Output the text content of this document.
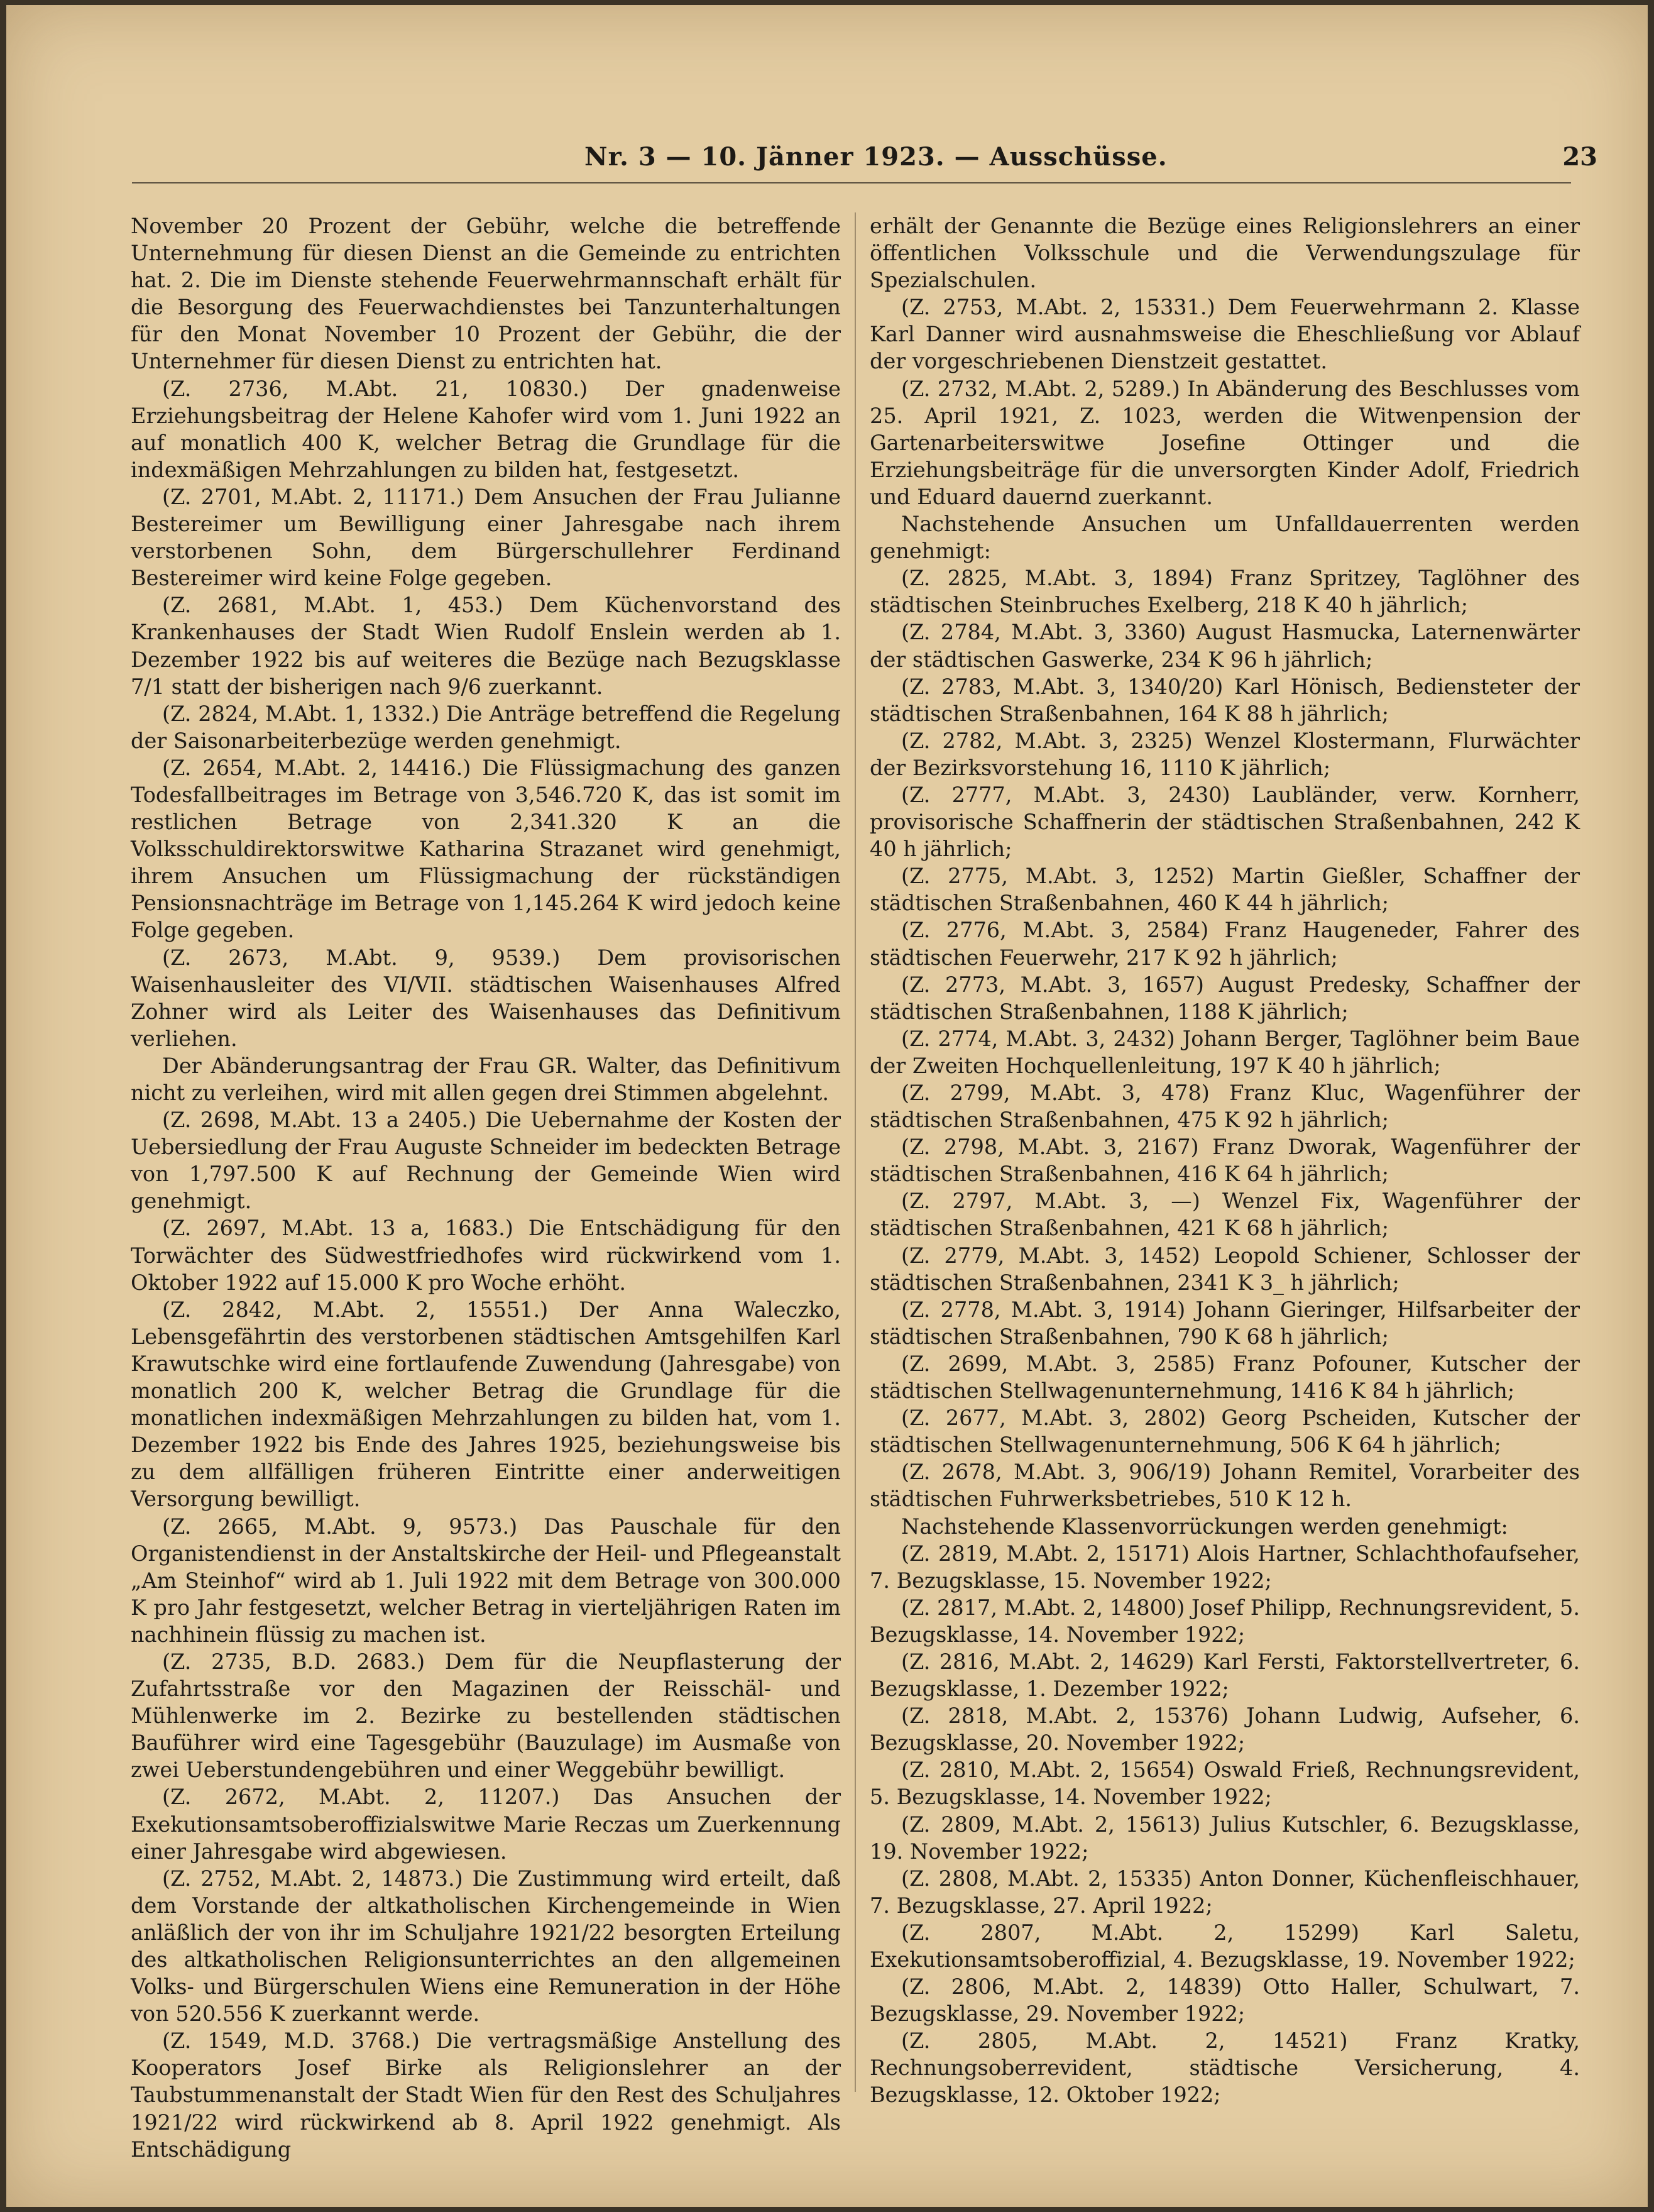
Nr. 3 — 10. Jänner 1923. — Ausschüsse.	23

November 20 Prozent der Gebühr, welche die betreffende Unternehmung für diesen Dienst an die Gemeinde zu entrichten hat. 2. Die im Dienste stehende Feuerwehrmannschaft erhält für die Besorgung des Feuerwachdienstes bei Tanzunterhaltungen für den Monat November 10 Prozent der Gebühr, die der Unternehmer für diesen Dienst zu entrichten hat.

(Z. 2736, M.Abt. 21, 10830.) Der gnadenweise Erziehungsbeitrag der Helene Kahofer wird vom 1. Juni 1922 an auf monatlich 400 K, welcher Betrag die Grundlage für die indexmäßigen Mehrzahlungen zu bilden hat, festgesetzt.

(Z. 2701, M.Abt. 2, 11171.) Dem Ansuchen der Frau Julianne Bestereimer um Bewilligung einer Jahresgabe nach ihrem verstorbenen Sohn, dem Bürgerschullehrer Ferdinand Bestereimer wird keine Folge gegeben.

(Z. 2681, M.Abt. 1, 453.) Dem Küchenvorstand des Krankenhauses der Stadt Wien Rudolf Enslein werden ab 1. Dezember 1922 bis auf weiteres die Bezüge nach Bezugsklasse 7/1 statt der bisherigen nach 9/6 zuerkannt.

(Z. 2824, M.Abt. 1, 1332.) Die Anträge betreffend die Regelung der Saisonarbeiterbezüge werden genehmigt.

(Z. 2654, M.Abt. 2, 14416.) Die Flüssigmachung des ganzen Todesfallbeitrages im Betrage von 3,546.720 K, das ist somit im restlichen Betrage von 2,341.320 K an die Volksschuldirektorswitwe Katharina Strazanet wird genehmigt, ihrem Ansuchen um Flüssigmachung der rückständigen Pensionsnachträge im Betrage von 1,145.264 K wird jedoch keine Folge gegeben.

(Z. 2673, M.Abt. 9, 9539.) Dem provisorischen Waisenhausleiter des VI/VII. städtischen Waisenhauses Alfred Zohner wird als Leiter des Waisenhauses das Definitivum verliehen.

Der Abänderungsantrag der Frau GR. Walter, das Definitivum nicht zu verleihen, wird mit allen gegen drei Stimmen abgelehnt.

(Z. 2698, M.Abt. 13 a 2405.) Die Uebernahme der Kosten der Uebersiedlung der Frau Auguste Schneider im bedeckten Betrage von 1,797.500 K auf Rechnung der Gemeinde Wien wird genehmigt.

(Z. 2697, M.Abt. 13 a, 1683.) Die Entschädigung für den Torwächter des Südwestfriedhofes wird rückwirkend vom 1. Oktober 1922 auf 15.000 K pro Woche erhöht.

(Z. 2842, M.Abt. 2, 15551.) Der Anna Waleczko, Lebensgefährtin des verstorbenen städtischen Amtsgehilfen Karl Krawutschke wird eine fortlaufende Zuwendung (Jahresgabe) von monatlich 200 K, welcher Betrag die Grundlage für die monatlichen indexmäßigen Mehrzahlungen zu bilden hat, vom 1. Dezember 1922 bis Ende des Jahres 1925, beziehungsweise bis zu dem allfälligen früheren Eintritte einer anderweitigen Versorgung bewilligt.

(Z. 2665, M.Abt. 9, 9573.) Das Pauschale für den Organistendienst in der Anstaltskirche der Heil- und Pflegeanstalt „Am Steinhof“ wird ab 1. Juli 1922 mit dem Betrage von 300.000 K pro Jahr festgesetzt, welcher Betrag in vierteljährigen Raten im nachhinein flüssig zu machen ist.

(Z. 2735, B.D. 2683.) Dem für die Neupflasterung der Zufahrtsstraße vor den Magazinen der Reisschäl- und Mühlenwerke im 2. Bezirke zu bestellenden städtischen Bauführer wird eine Tagesgebühr (Bauzulage) im Ausmaße von zwei Ueberstundengebühren und einer Weggebühr bewilligt.

(Z. 2672, M.Abt. 2, 11207.) Das Ansuchen der Exekutionsamtsoberoffizialswitwe Marie Reczas um Zuerkennung einer Jahresgabe wird abgewiesen.

(Z. 2752, M.Abt. 2, 14873.) Die Zustimmung wird erteilt, daß dem Vorstande der altkatholischen Kirchengemeinde in Wien anläßlich der von ihr im Schuljahre 1921/22 besorgten Erteilung des altkatholischen Religionsunterrichtes an den allgemeinen Volks- und Bürgerschulen Wiens eine Remuneration in der Höhe von 520.556 K zuerkannt werde.

(Z. 1549, M.D. 3768.) Die vertragsmäßige Anstellung des Kooperators Josef Birke als Religionslehrer an der Taubstummenanstalt der Stadt Wien für den Rest des Schuljahres 1921/22 wird rückwirkend ab 8. April 1922 genehmigt. Als Entschädigung

erhält der Genannte die Bezüge eines Religionslehrers an einer öffentlichen Volksschule und die Verwendungszulage für Spezialschulen.

(Z. 2753, M.Abt. 2, 15331.) Dem Feuerwehrmann 2. Klasse Karl Danner wird ausnahmsweise die Eheschließung vor Ablauf der vorgeschriebenen Dienstzeit gestattet.

(Z. 2732, M.Abt. 2, 5289.) In Abänderung des Beschlusses vom 25. April 1921, Z. 1023, werden die Witwenpension der Gartenarbeiterswitwe Josefine Ottinger und die Erziehungsbeiträge für die unversorgten Kinder Adolf, Friedrich und Eduard dauernd zuerkannt.

Nachstehende Ansuchen um Unfalldauerrenten werden genehmigt:

(Z. 2825, M.Abt. 3, 1894) Franz Spritzey, Taglöhner des städtischen Steinbruches Exelberg, 218 K 40 h jährlich;

(Z. 2784, M.Abt. 3, 3360) August Hasmucka, Laternenwärter der städtischen Gaswerke, 234 K 96 h jährlich;

(Z. 2783, M.Abt. 3, 1340/20) Karl Hönisch, Bediensteter der städtischen Straßenbahnen, 164 K 88 h jährlich;

(Z. 2782, M.Abt. 3, 2325) Wenzel Klostermann, Flurwächter der Bezirksvorstehung 16, 1110 K jährlich;

(Z. 2777, M.Abt. 3, 2430) Laubländer, verw. Kornherr, provisorische Schaffnerin der städtischen Straßenbahnen, 242 K 40 h jährlich;

(Z. 2775, M.Abt. 3, 1252) Martin Gießler, Schaffner der städtischen Straßenbahnen, 460 K 44 h jährlich;

(Z. 2776, M.Abt. 3, 2584) Franz Haugeneder, Fahrer des städtischen Feuerwehr, 217 K 92 h jährlich;

(Z. 2773, M.Abt. 3, 1657) August Predesky, Schaffner der städtischen Straßenbahnen, 1188 K jährlich;

(Z. 2774, M.Abt. 3, 2432) Johann Berger, Taglöhner beim Baue der Zweiten Hochquellenleitung, 197 K 40 h jährlich;

(Z. 2799, M.Abt. 3, 478) Franz Kluc, Wagenführer der städtischen Straßenbahnen, 475 K 92 h jährlich;

(Z. 2798, M.Abt. 3, 2167) Franz Dworak, Wagenführer der städtischen Straßenbahnen, 416 K 64 h jährlich;

(Z. 2797, M.Abt. 3, —) Wenzel Fix, Wagenführer der städtischen Straßenbahnen, 421 K 68 h jährlich;

(Z. 2779, M.Abt. 3, 1452) Leopold Schiener, Schlosser der städtischen Straßenbahnen, 2341 K 3_ h jährlich;

(Z. 2778, M.Abt. 3, 1914) Johann Gieringer, Hilfsarbeiter der städtischen Straßenbahnen, 790 K 68 h jährlich;

(Z. 2699, M.Abt. 3, 2585) Franz Pofouner, Kutscher der städtischen Stellwagenunternehmung, 1416 K 84 h jährlich;

(Z. 2677, M.Abt. 3, 2802) Georg Pscheiden, Kutscher der städtischen Stellwagenunternehmung, 506 K 64 h jährlich;

(Z. 2678, M.Abt. 3, 906/19) Johann Remitel, Vorarbeiter des städtischen Fuhrwerksbetriebes, 510 K 12 h.

Nachstehende Klassenvorrückungen werden genehmigt:

(Z. 2819, M.Abt. 2, 15171) Alois Hartner, Schlachthofaufseher, 7. Bezugsklasse, 15. November 1922;

(Z. 2817, M.Abt. 2, 14800) Josef Philipp, Rechnungsrevident, 5. Bezugsklasse, 14. November 1922;

(Z. 2816, M.Abt. 2, 14629) Karl Fersti, Faktorstellvertreter, 6. Bezugsklasse, 1. Dezember 1922;

(Z. 2818, M.Abt. 2, 15376) Johann Ludwig, Aufseher, 6. Bezugsklasse, 20. November 1922;

(Z. 2810, M.Abt. 2, 15654) Oswald Frieß, Rechnungsrevident, 5. Bezugsklasse, 14. November 1922;

(Z. 2809, M.Abt. 2, 15613) Julius Kutschler, 6. Bezugsklasse, 19. November 1922;

(Z. 2808, M.Abt. 2, 15335) Anton Donner, Küchenfleischhauer, 7. Bezugsklasse, 27. April 1922;

(Z. 2807, M.Abt. 2, 15299) Karl Saletu, Exekutionsamtsoberoffizial, 4. Bezugsklasse, 19. November 1922;

(Z. 2806, M.Abt. 2, 14839) Otto Haller, Schulwart, 7. Bezugsklasse, 29. November 1922;

(Z. 2805, M.Abt. 2, 14521) Franz Kratky, Rechnungsoberrevident, städtische Versicherung, 4. Bezugsklasse, 12. Oktober 1922;
